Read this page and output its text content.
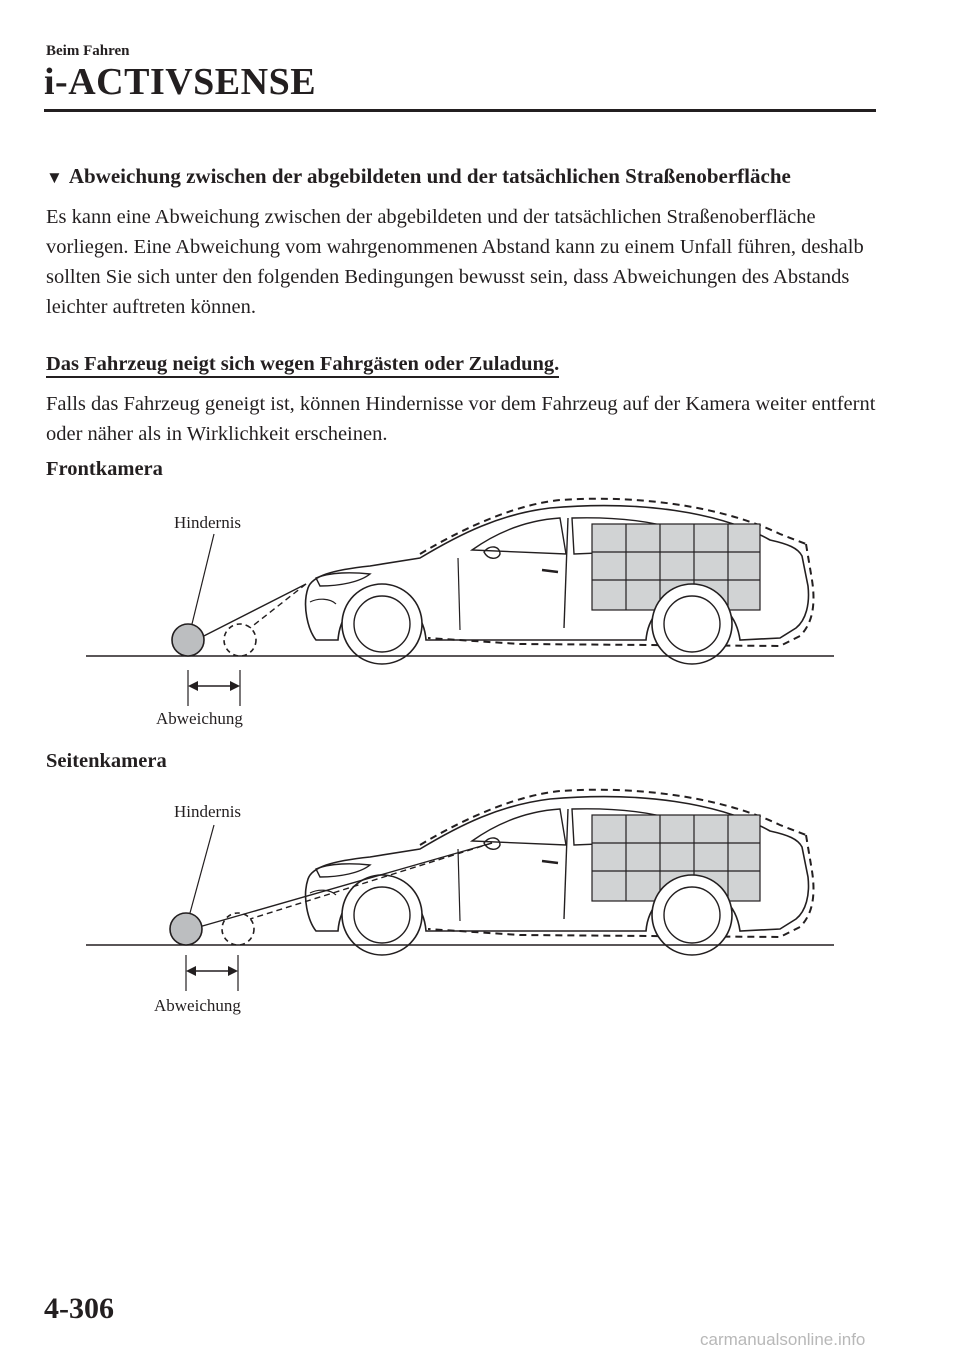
Beim Fahren
i-ACTIVSENSE
▼ Abweichung zwischen der abgebildeten und der tatsächlichen Straßenoberfläche
Es kann eine Abweichung zwischen der abgebildeten und der tatsächlichen Straßenoberfläche vorliegen. Eine Abweichung vom wahrgenommenen Abstand kann zu einem Unfall führen, deshalb sollten Sie sich unter den folgenden Bedingungen bewusst sein, dass Abweichungen des Abstands leichter auftreten können.
Das Fahrzeug neigt sich wegen Fahrgästen oder Zuladung.
Falls das Fahrzeug geneigt ist, können Hindernisse vor dem Fahrzeug auf der Kamera weiter entfernt oder näher als in Wirklichkeit erscheinen.
Frontkamera
Hindernis
Abweichung
Seitenkamera
Hindernis
Abweichung
4-306
carmanualsonline.info
